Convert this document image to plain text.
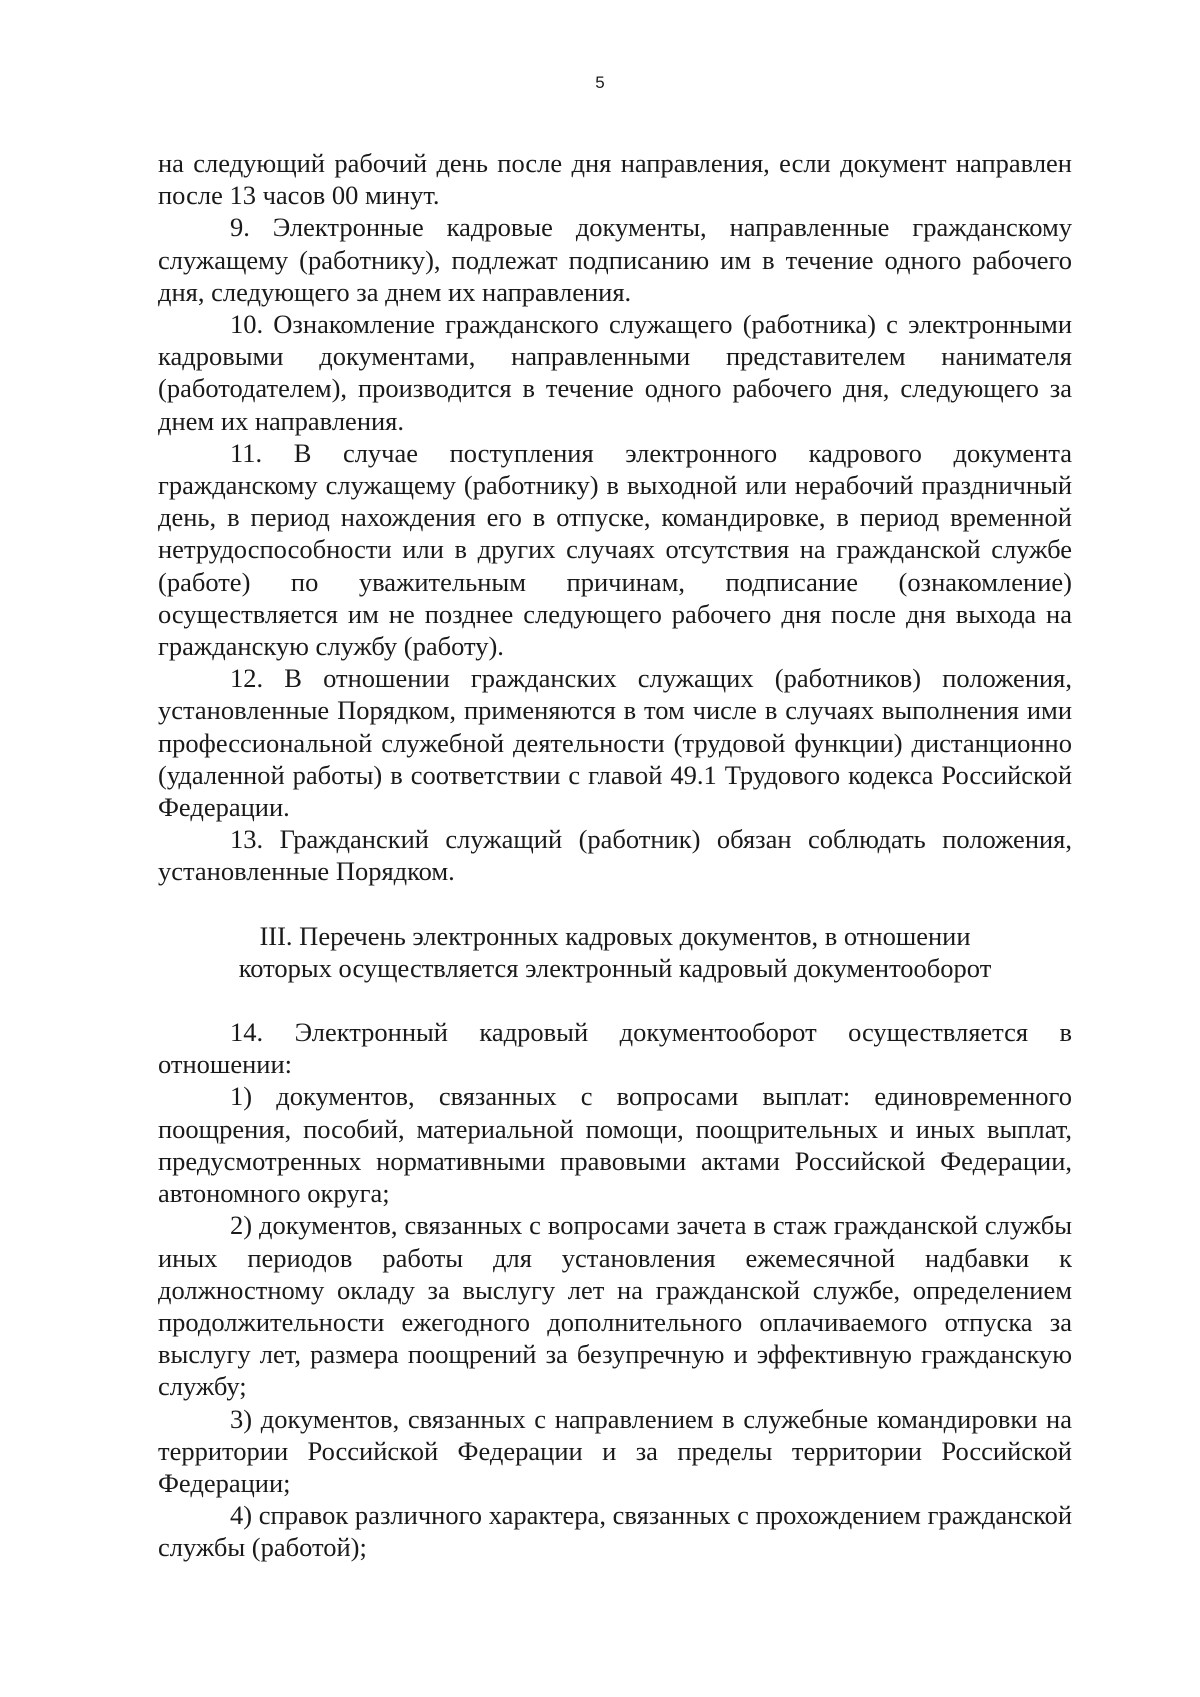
5

на следующий рабочий день после дня направления, если документ направлен после 13 часов 00 минут.

9. Электронные кадровые документы, направленные гражданскому служащему (работнику), подлежат подписанию им в течение одного рабочего дня, следующего за днем их направления.

10. Ознакомление гражданского служащего (работника) с электронными кадровыми документами, направленными представителем нанимателя (работодателем), производится в течение одного рабочего дня, следующего за днем их направления.

11. В случае поступления электронного кадрового документа гражданскому служащему (работнику) в выходной или нерабочий праздничный день, в период нахождения его в отпуске, командировке, в период временной нетрудоспособности или в других случаях отсутствия на гражданской службе (работе) по уважительным причинам, подписание (ознакомление) осуществляется им не позднее следующего рабочего дня после дня выхода на гражданскую службу (работу).

12. В отношении гражданских служащих (работников) положения, установленные Порядком, применяются в том числе в случаях выполнения ими профессиональной служебной деятельности (трудовой функции) дистанционно (удаленной работы) в соответствии с главой 49.1 Трудового кодекса Российской Федерации.

13. Гражданский служащий (работник) обязан соблюдать положения, установленные Порядком.

III. Перечень электронных кадровых документов, в отношении
которых осуществляется электронный кадровый документооборот

14. Электронный кадровый документооборот осуществляется в отношении:

1) документов, связанных с вопросами выплат: единовременного поощрения, пособий, материальной помощи, поощрительных и иных выплат, предусмотренных нормативными правовыми актами Российской Федерации, автономного округа;

2) документов, связанных с вопросами зачета в стаж гражданской службы иных периодов работы для установления ежемесячной надбавки к должностному окладу за выслугу лет на гражданской службе, определением продолжительности ежегодного дополнительного оплачиваемого отпуска за выслугу лет, размера поощрений за безупречную и эффективную гражданскую службу;

3) документов, связанных с направлением в служебные командировки на территории Российской Федерации и за пределы территории Российской Федерации;

4) справок различного характера, связанных с прохождением гражданской службы (работой);
